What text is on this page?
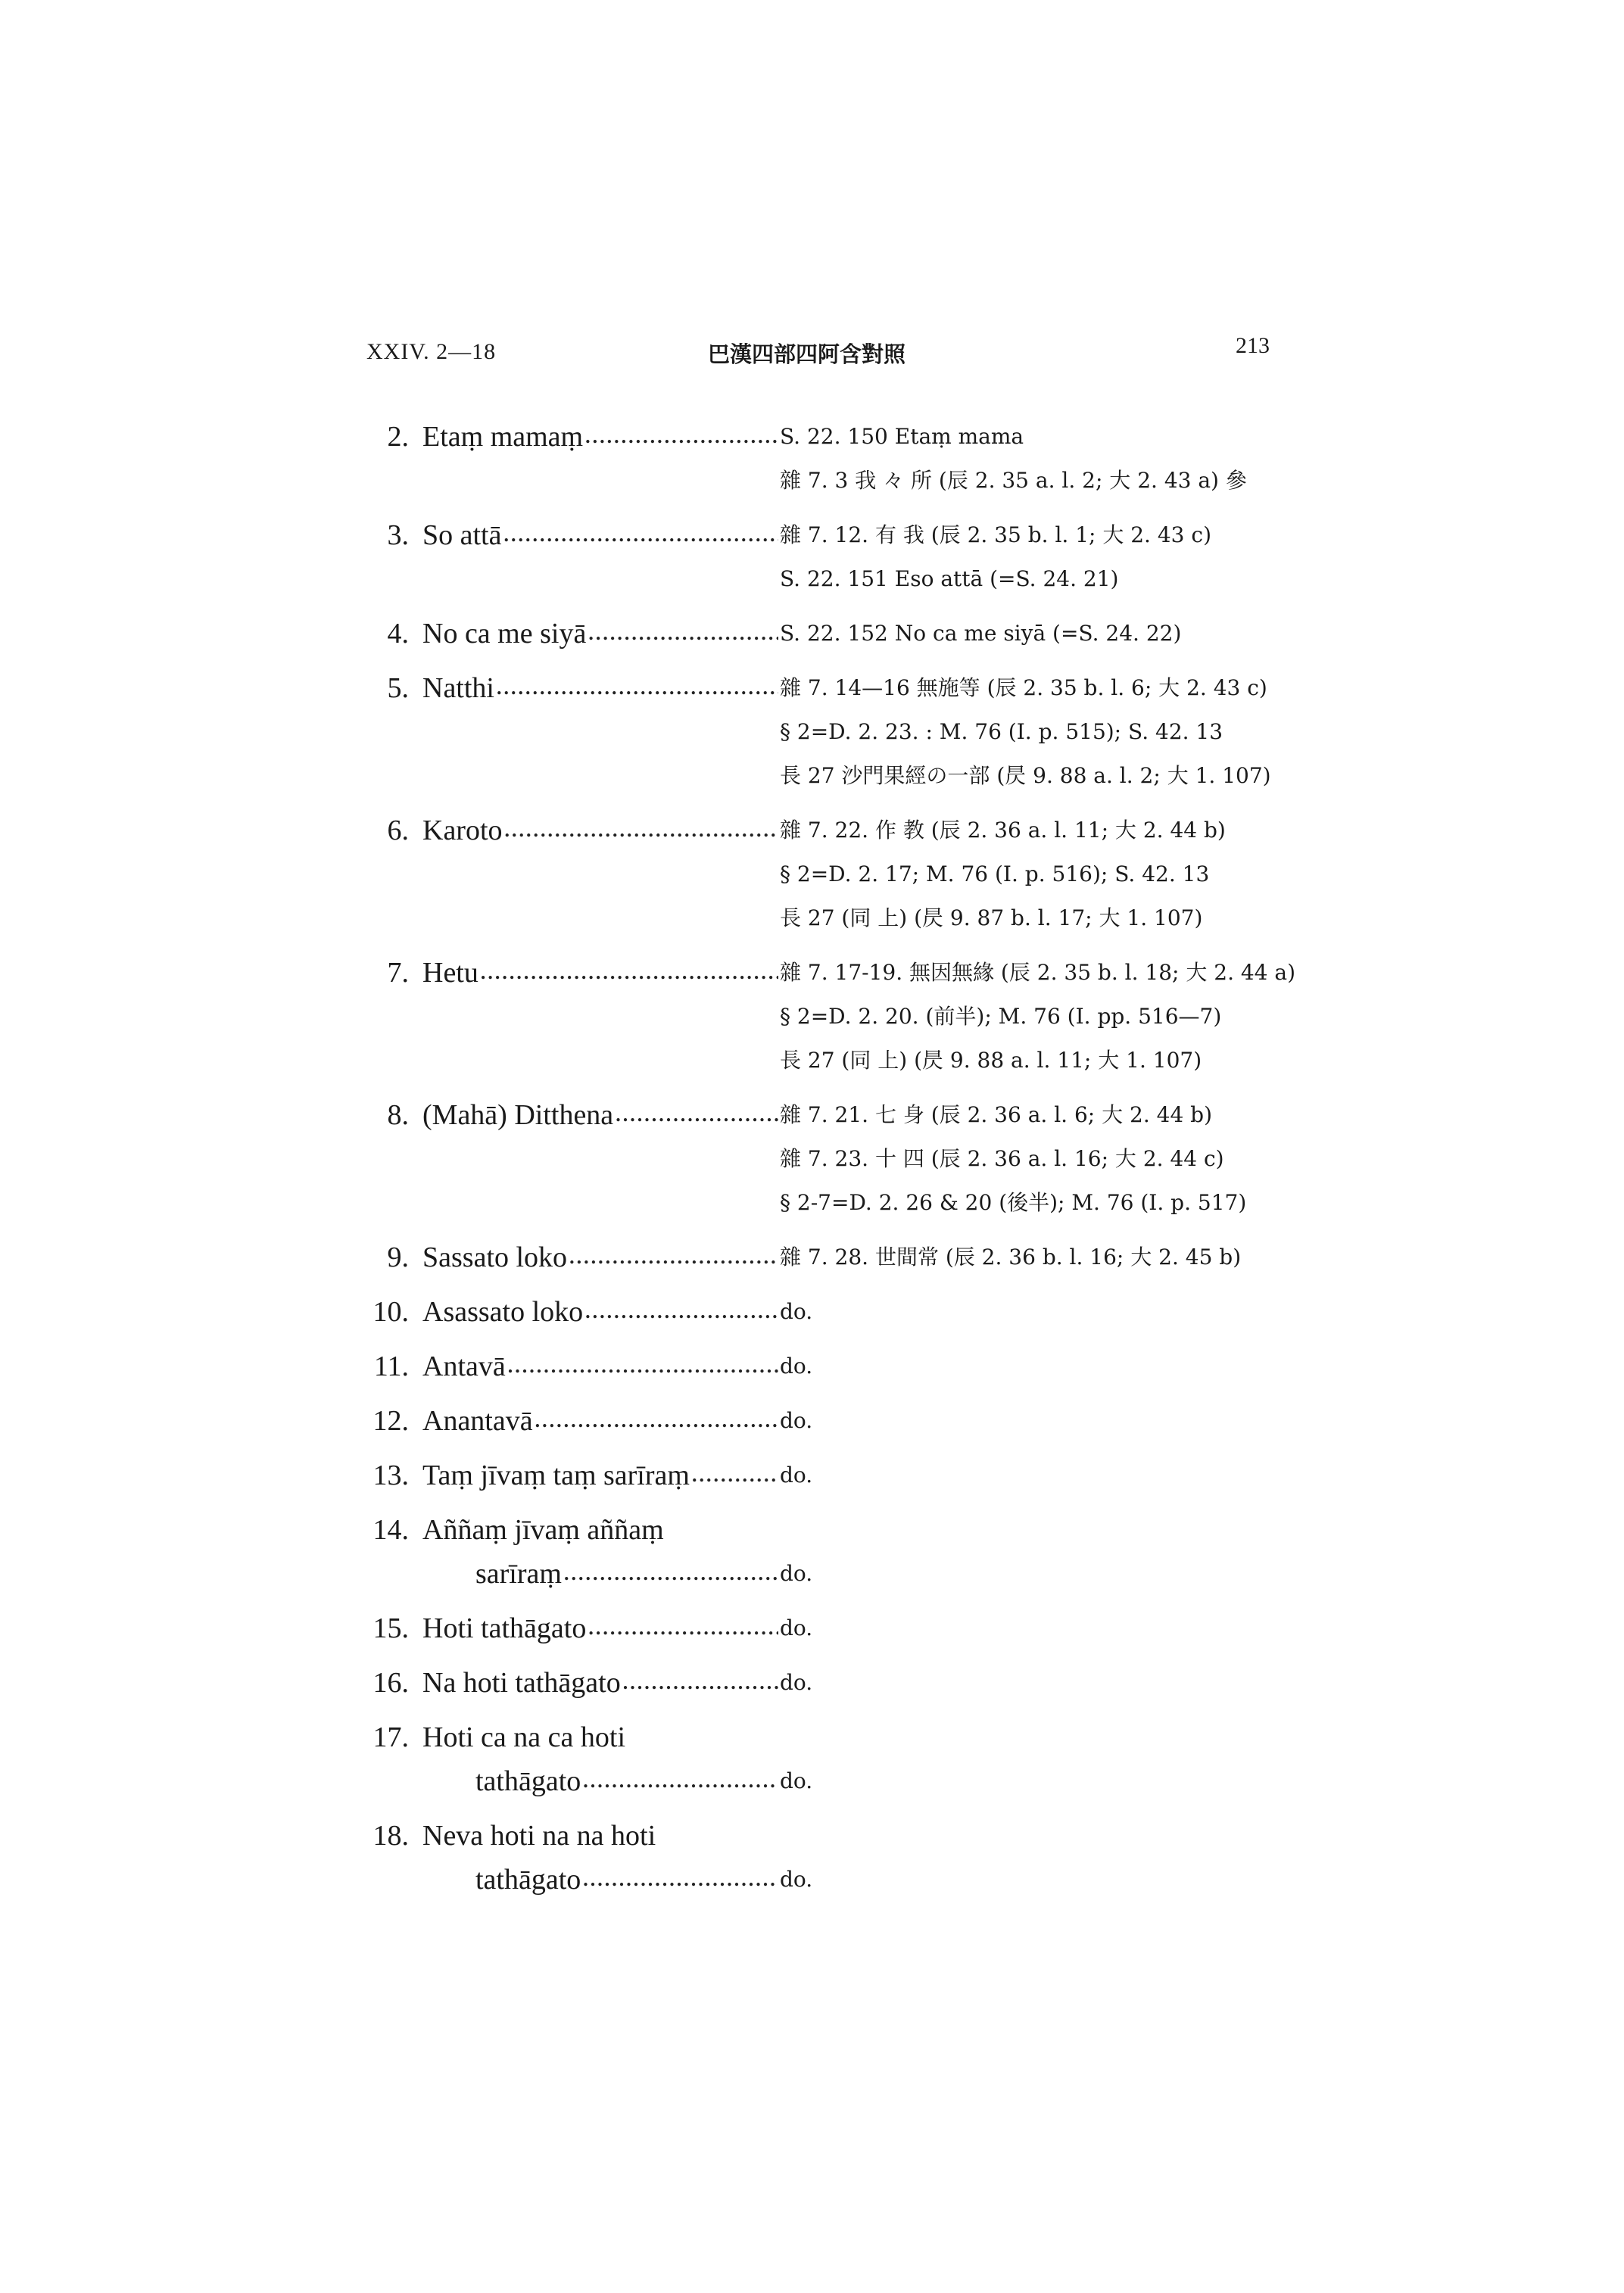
XXIV. 2—18	巴漢四部四阿含對照	213
2. Etaṃ mamaṃ .....	S. 22. 150 Etaṃ mama
雜 7. 3 我 々 所 (辰 2. 35 a. l. 2; 大 2. 43 a) 參
3. So attā .....	雜 7. 12. 有 我 (辰 2. 35 b. l. 1; 大 2. 43 c)
S. 22. 151 Eso attā (=S. 24. 21)
4. No ca me siyā .....	S. 22. 152 No ca me siyā (=S. 24. 22)
5. Natthi .....	雜 7. 14—16 無施等 (辰 2. 35 b. l. 6; 大 2. 43 c)
§ 2=D. 2. 23. : M. 76 (I. p. 515); S. 42. 13
長 27 沙門果經の一部 (昃 9. 88 a. l. 2; 大 1. 107)
6. Karoto .....	雜 7. 22. 作 教 (辰 2. 36 a. l. 11; 大 2. 44 b)
§ 2=D. 2. 17; M. 76 (I. p. 516); S. 42. 13
長 27 (同 上) (昃 9. 87 b. l. 17; 大 1. 107)
7. Hetu .....	雜 7. 17-19. 無因無緣 (辰 2. 35 b. l. 18; 大 2. 44 a)
§ 2=D. 2. 20. (前半); M. 76 (I. pp. 516—7)
長 27 (同 上) (昃 9. 88 a. l. 11; 大 1. 107)
8. (Mahā) Ditthena .....	雜 7. 21. 七 身 (辰 2. 36 a. l. 6; 大 2. 44 b)
雜 7. 23. 十 四 (辰 2. 36 a. l. 16; 大 2. 44 c)
§ 2-7=D. 2. 26 & 20 (後半); M. 76 (I. p. 517)
9. Sassato loko .....	雜 7. 28. 世間常 (辰 2. 36 b. l. 16; 大 2. 45 b)
10. Asassato loko .....	do.
11. Antavā .....	do.
12. Anantavā .....	do.
13. Taṃ jīvaṃ taṃ sarīraṃ .....	do.
14. Aññaṃ jīvaṃ aññaṃ
sarīraṃ .....
	do.
15. Hoti tathāgato .....	do.
16. Na hoti tathāgato .....	do.
17. Hoti ca na ca hoti
tathāgato .....
	do.
18. Neva hoti na na hoti
tathāgato .....
	do.
